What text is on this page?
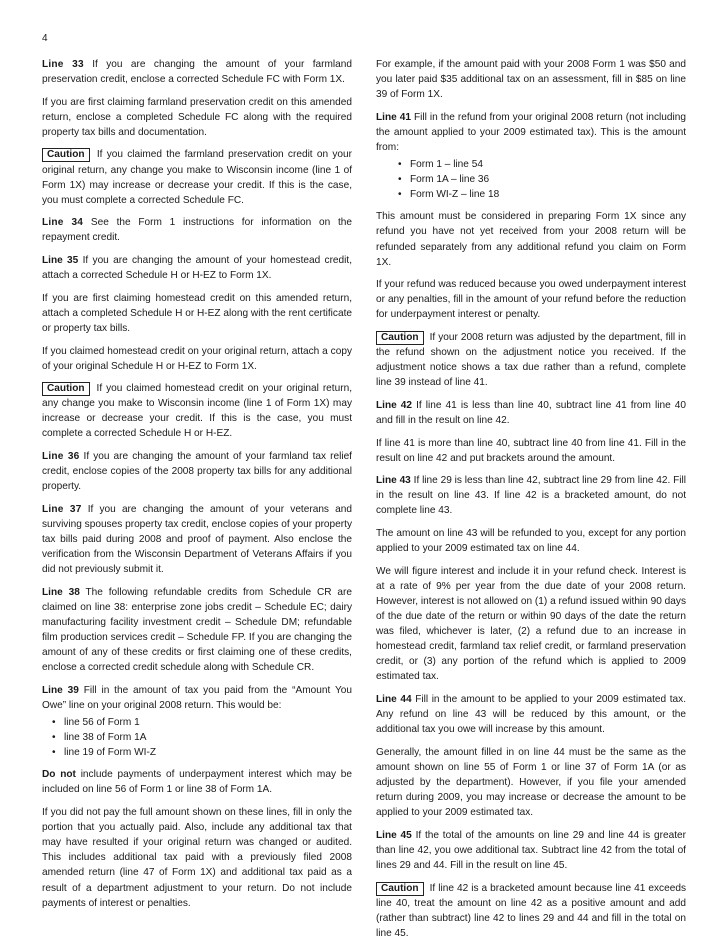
4

Line 33 If you are changing the amount of your farmland preservation credit, enclose a corrected Schedule FC with Form 1X.

If you are first claiming farmland preservation credit on this amended return, enclose a completed Schedule FC along with the required property tax bills and documentation.

Caution If you claimed the farmland preservation credit on your original return, any change you make to Wisconsin income (line 1 of Form 1X) may increase or decrease your credit. If this is the case, you must complete a corrected Schedule FC.

Line 34 See the Form 1 instructions for information on the repayment credit.

Line 35 If you are changing the amount of your homestead credit, attach a corrected Schedule H or H-EZ to Form 1X.

If you are first claiming homestead credit on this amended return, attach a completed Schedule H or H-EZ along with the rent certificate or property tax bills.

If you claimed homestead credit on your original return, attach a copy of your original Schedule H or H-EZ to Form 1X.

Caution If you claimed homestead credit on your original return, any change you make to Wisconsin income (line 1 of Form 1X) may increase or decrease your credit. If this is the case, you must complete a corrected Schedule H or H-EZ.

Line 36 If you are changing the amount of your farmland tax relief credit, enclose copies of the 2008 property tax bills for any additional property.

Line 37 If you are changing the amount of your veterans and surviving spouses property tax credit, enclose copies of your property tax bills paid during 2008 and proof of payment. Also enclose the verification from the Wisconsin Department of Veterans Affairs if you did not previously submit it.

Line 38 The following refundable credits from Schedule CR are claimed on line 38: enterprise zone jobs credit – Schedule EC; dairy manufacturing facility investment credit – Schedule DM; refundable film production services credit – Schedule FP. If you are changing the amount of any of these credits or first claiming one of these credits, enclose a corrected credit schedule along with Schedule CR.

Line 39 Fill in the amount of tax you paid from the “Amount You Owe” line on your original 2008 return. This would be:

• line 56 of Form 1
• line 38 of Form 1A
• line 19 of Form WI-Z

Do not include payments of underpayment interest which may be included on line 56 of Form 1 or line 38 of Form 1A.

If you did not pay the full amount shown on these lines, fill in only the portion that you actually paid. Also, include any additional tax that may have resulted if your original return was changed or audited. This includes additional tax paid with a previously filed 2008 amended return (line 47 of Form 1X) and additional tax paid as a result of a department adjustment to your return. Do not include payments of interest or penalties.

For example, if the amount paid with your 2008 Form 1 was $50 and you later paid $35 additional tax on an assessment, fill in $85 on line 39 of Form 1X.

Line 41 Fill in the refund from your original 2008 return (not including the amount applied to your 2009 estimated tax). This is the amount from:

• Form 1 – line 54
• Form 1A – line 36
• Form WI-Z – line 18

This amount must be considered in preparing Form 1X since any refund you have not yet received from your 2008 return will be refunded separately from any additional refund you claim on Form 1X.

If your refund was reduced because you owed underpayment interest or any penalties, fill in the amount of your refund before the reduction for underpayment interest or penalty.

Caution If your 2008 return was adjusted by the department, fill in the refund shown on the adjustment notice you received. If the adjustment notice shows a tax due rather than a refund, complete line 39 instead of line 41.

Line 42 If line 41 is less than line 40, subtract line 41 from line 40 and fill in the result on line 42.

If line 41 is more than line 40, subtract line 40 from line 41. Fill in the result on line 42 and put brackets around the amount.

Line 43 If line 29 is less than line 42, subtract line 29 from line 42. Fill in the result on line 43. If line 42 is a bracketed amount, do not complete line 43.

The amount on line 43 will be refunded to you, except for any portion applied to your 2009 estimated tax on line 44.

We will figure interest and include it in your refund check. Interest is at a rate of 9% per year from the due date of your 2008 return. However, interest is not allowed on (1) a refund issued within 90 days of the due date of the return or within 90 days of the date the return was filed, whichever is later, (2) a refund due to an increase in homestead credit, farmland tax relief credit, or farmland preservation credit, or (3) any portion of the refund which is applied to 2009 estimated tax.

Line 44 Fill in the amount to be applied to your 2009 estimated tax. Any refund on line 43 will be reduced by this amount, or the additional tax you owe will increase by this amount.

Generally, the amount filled in on line 44 must be the same as the amount shown on line 55 of Form 1 or line 37 of Form 1A (or as adjusted by the department). However, if you file your amended return during 2009, you may increase or decrease the amount to be applied to your 2009 estimated tax.

Line 45 If the total of the amounts on line 29 and line 44 is greater than line 42, you owe additional tax. Subtract line 42 from the total of lines 29 and 44. Fill in the result on line 45.

Caution If line 42 is a bracketed amount because line 41 exceeds line 40, treat the amount on line 42 as a positive amount and add (rather than subtract) line 42 to lines 29 and 44 and fill in the total on line 45.
